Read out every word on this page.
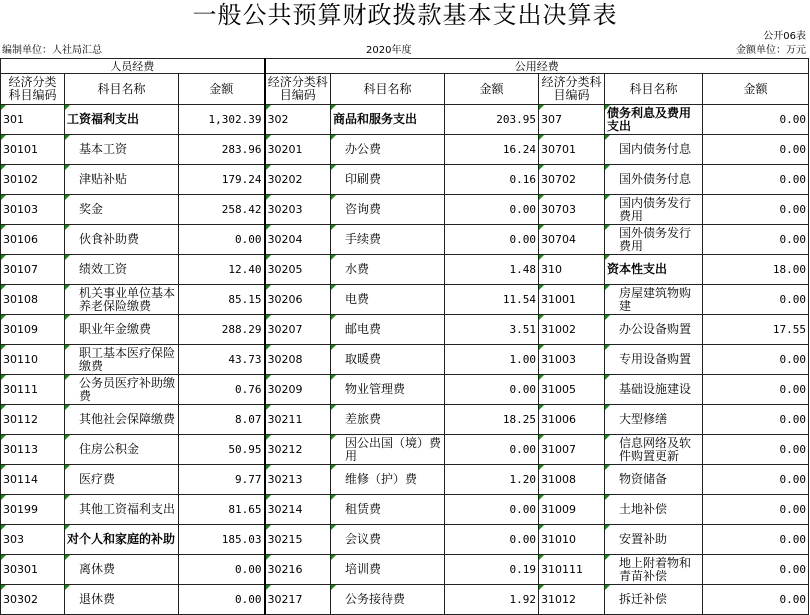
一般公共预算财政拨款基本支出决算表
公开06表
编制单位：人社局汇总	2020年度	金额单位：万元
人员经费			公用经费					
经济分类科目编码	科目名称	金额	经济分类科目编码	科目名称	金额	经济分类科目编码	科目名称	金额
301	工资福利支出	1,302.39	302	商品和服务支出	203.95	307	债务利息及费用支出	0.00
30101	基本工资	283.96	30201	办公费	16.24	30701	国内债务付息	0.00
30102	津贴补贴	179.24	30202	印刷费	0.16	30702	国外债务付息	0.00
30103	奖金	258.42	30203	咨询费	0.00	30703	国内债务发行费用	0.00
30106	伙食补助费	0.00	30204	手续费	0.00	30704	国外债务发行费用	0.00
30107	绩效工资	12.40	30205	水费	1.48	310	资本性支出	18.00
30108	机关事业单位基本养老保险缴费	85.15	30206	电费	11.54	31001	房屋建筑物购建	0.00
30109	职业年金缴费	288.29	30207	邮电费	3.51	31002	办公设备购置	17.55
30110	职工基本医疗保险缴费	43.73	30208	取暖费	1.00	31003	专用设备购置	0.00
30111	公务员医疗补助缴费	0.76	30209	物业管理费	0.00	31005	基础设施建设	0.00
30112	其他社会保障缴费	8.07	30211	差旅费	18.25	31006	大型修缮	0.00
30113	住房公积金	50.95	30212	因公出国（境）费用	0.00	31007	信息网络及软件购置更新	0.00
30114	医疗费	9.77	30213	维修（护）费	1.20	31008	物资储备	0.00
30199	其他工资福利支出	81.65	30214	租赁费	0.00	31009	土地补偿	0.00
303	对个人和家庭的补助	185.03	30215	会议费	0.00	31010	安置补助	0.00
30301	离休费	0.00	30216	培训费	0.19	310111	地上附着物和青苗补偿	0.00
30302	退休费	0.00	30217	公务接待费	1.92	31012	拆迁补偿	0.00
